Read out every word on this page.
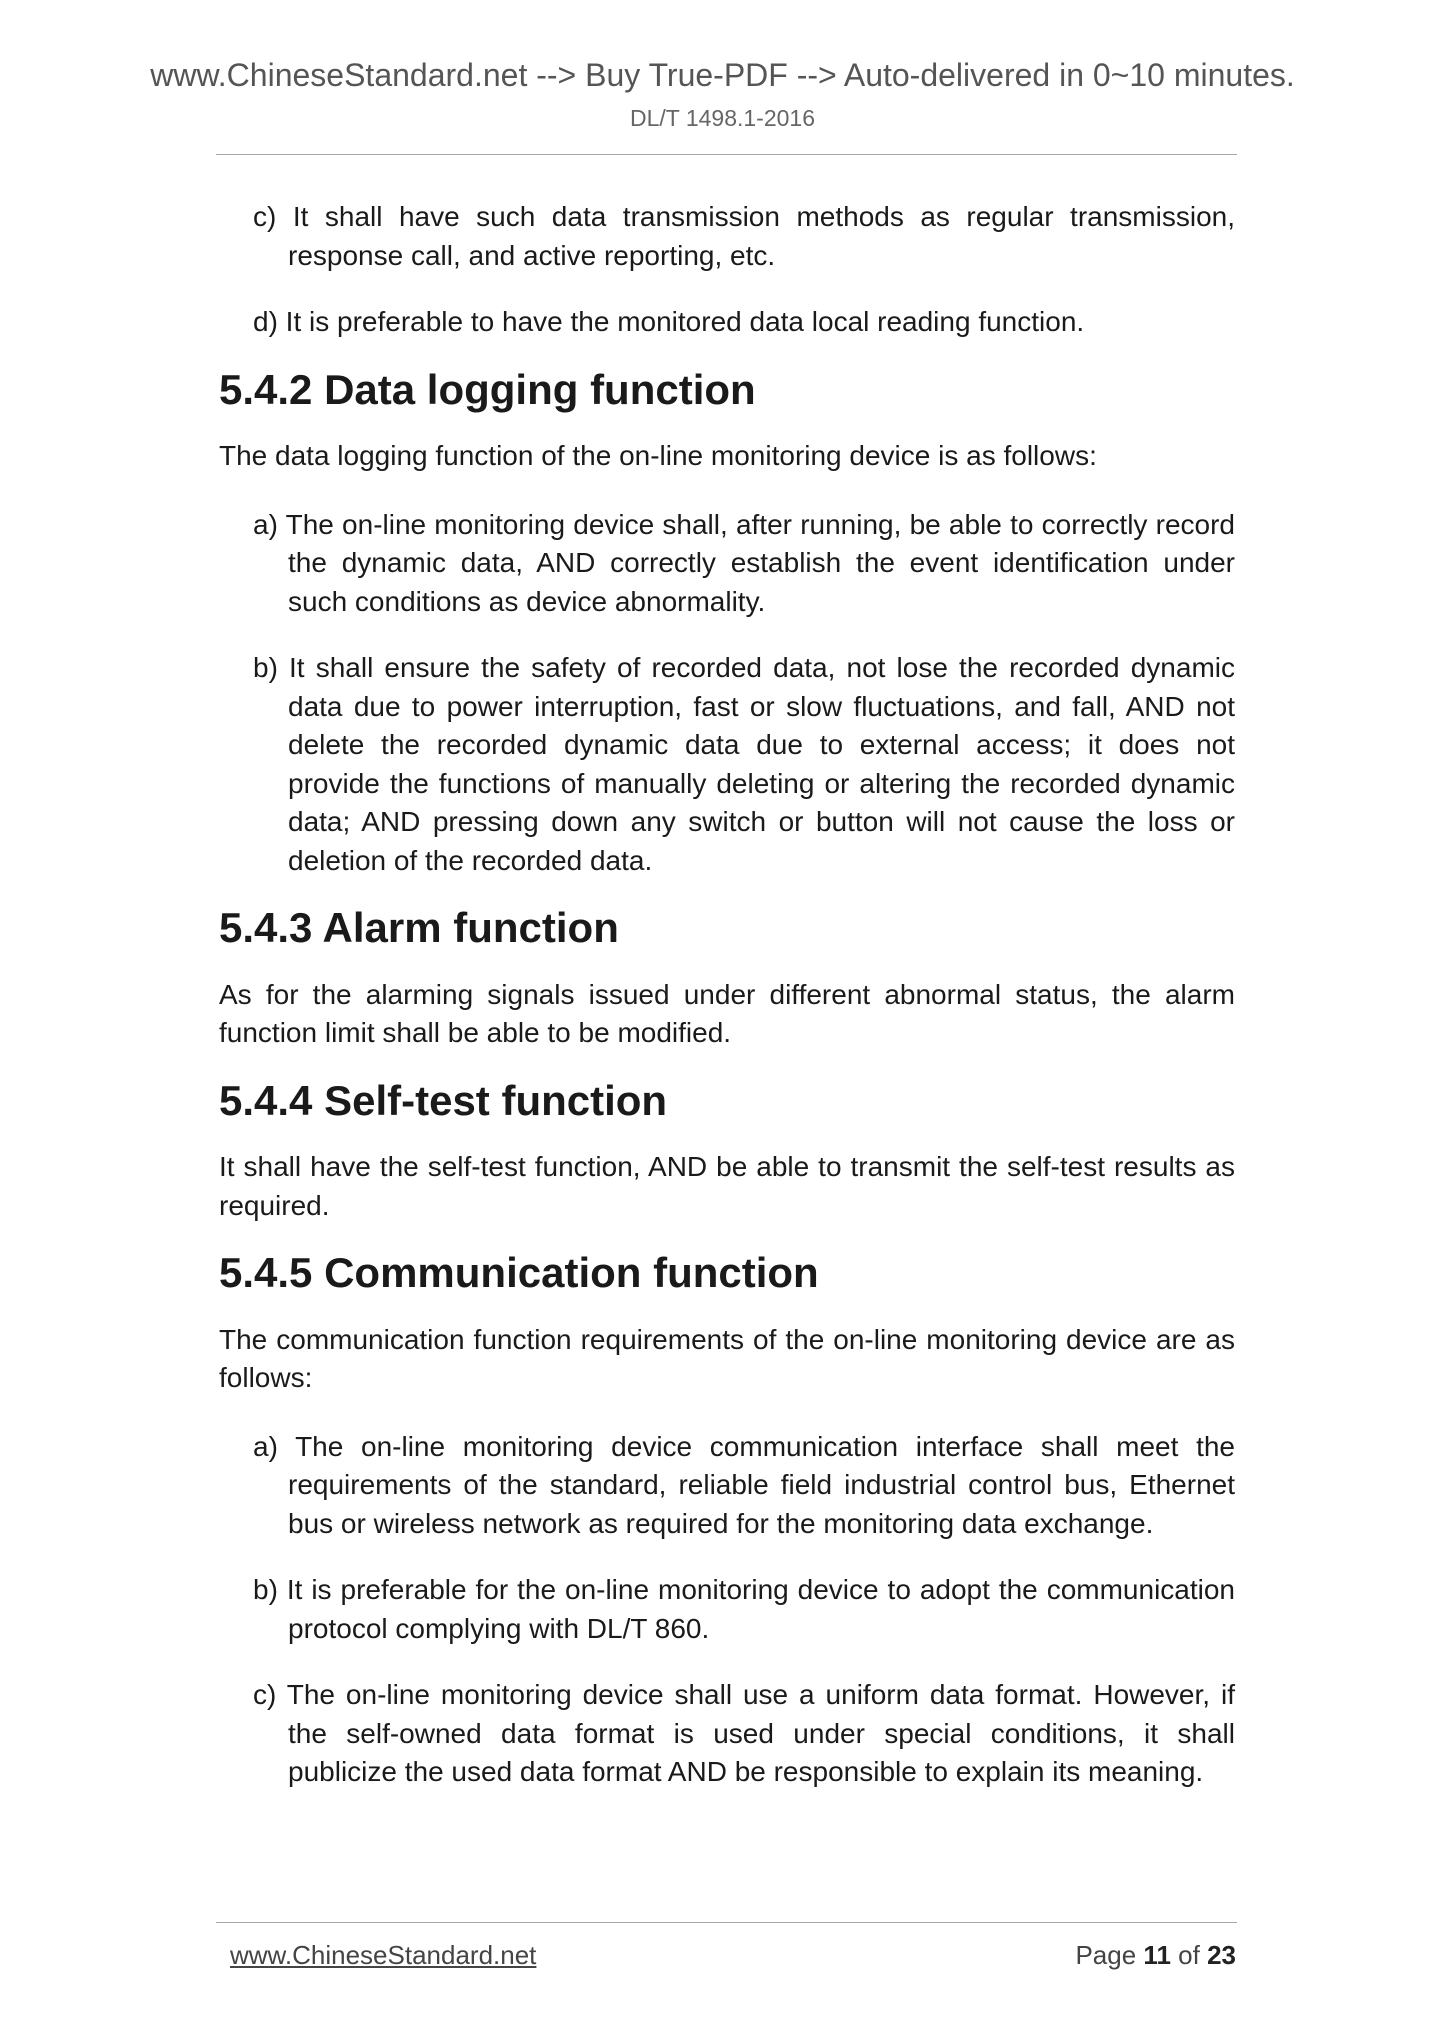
www.ChineseStandard.net --> Buy True-PDF --> Auto-delivered in 0~10 minutes.
DL/T 1498.1-2016
c) It shall have such data transmission methods as regular transmission, response call, and active reporting, etc.
d) It is preferable to have the monitored data local reading function.
5.4.2 Data logging function

The data logging function of the on-line monitoring device is as follows:

a) The on-line monitoring device shall, after running, be able to correctly record the dynamic data, AND correctly establish the event identification under such conditions as device abnormality.
b) It shall ensure the safety of recorded data, not lose the recorded dynamic data due to power interruption, fast or slow fluctuations, and fall, AND not delete the recorded dynamic data due to external access; it does not provide the functions of manually deleting or altering the recorded dynamic data; AND pressing down any switch or button will not cause the loss or deletion of the recorded data.
5.4.3 Alarm function

As for the alarming signals issued under different abnormal status, the alarm function limit shall be able to be modified.

5.4.4 Self-test function

It shall have the self-test function, AND be able to transmit the self-test results as required.

5.4.5 Communication function

The communication function requirements of the on-line monitoring device are as follows:

a) The on-line monitoring device communication interface shall meet the requirements of the standard, reliable field industrial control bus, Ethernet bus or wireless network as required for the monitoring data exchange.
b) It is preferable for the on-line monitoring device to adopt the communication protocol complying with DL/T 860.
c) The on-line monitoring device shall use a uniform data format. However, if the self-owned data format is used under special conditions, it shall publicize the used data format AND be responsible to explain its meaning.
www.ChineseStandard.net	Page 11 of 23
